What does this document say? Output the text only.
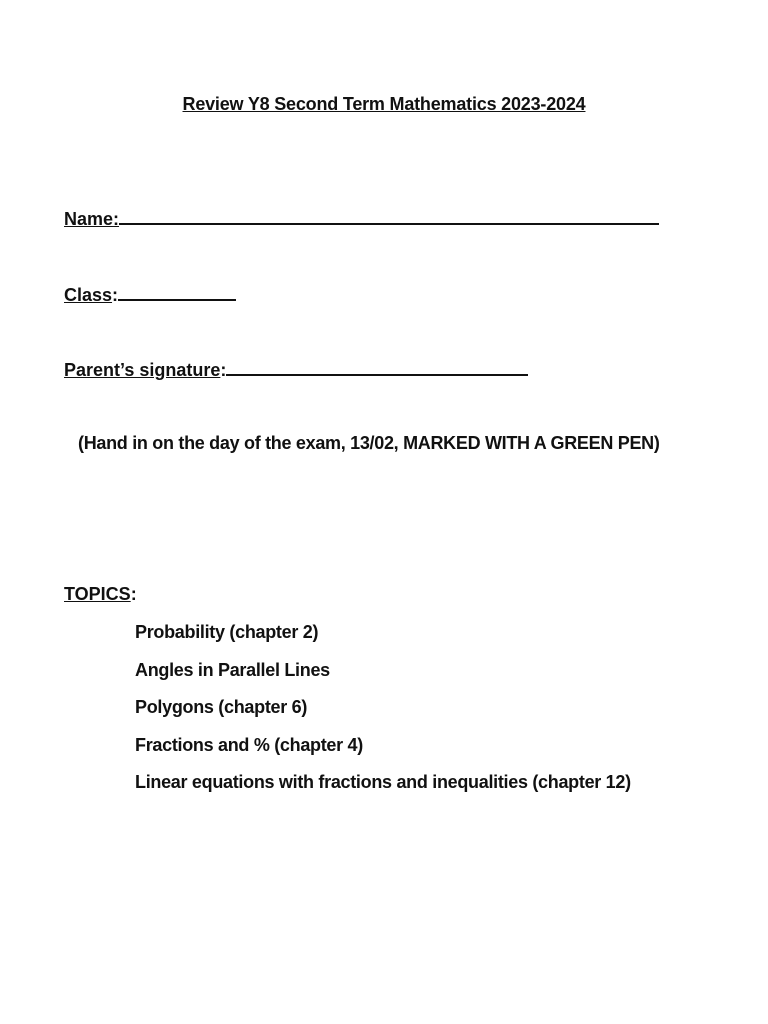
Review Y8 Second Term Mathematics 2023-2024
Name:
Class:
Parent’s signature:
(Hand in on the day of the exam, 13/02, MARKED WITH A GREEN PEN)
TOPICS:
Probability (chapter 2)
Angles in Parallel Lines
Polygons (chapter 6)
Fractions and % (chapter 4)
Linear equations with fractions and inequalities (chapter 12)
